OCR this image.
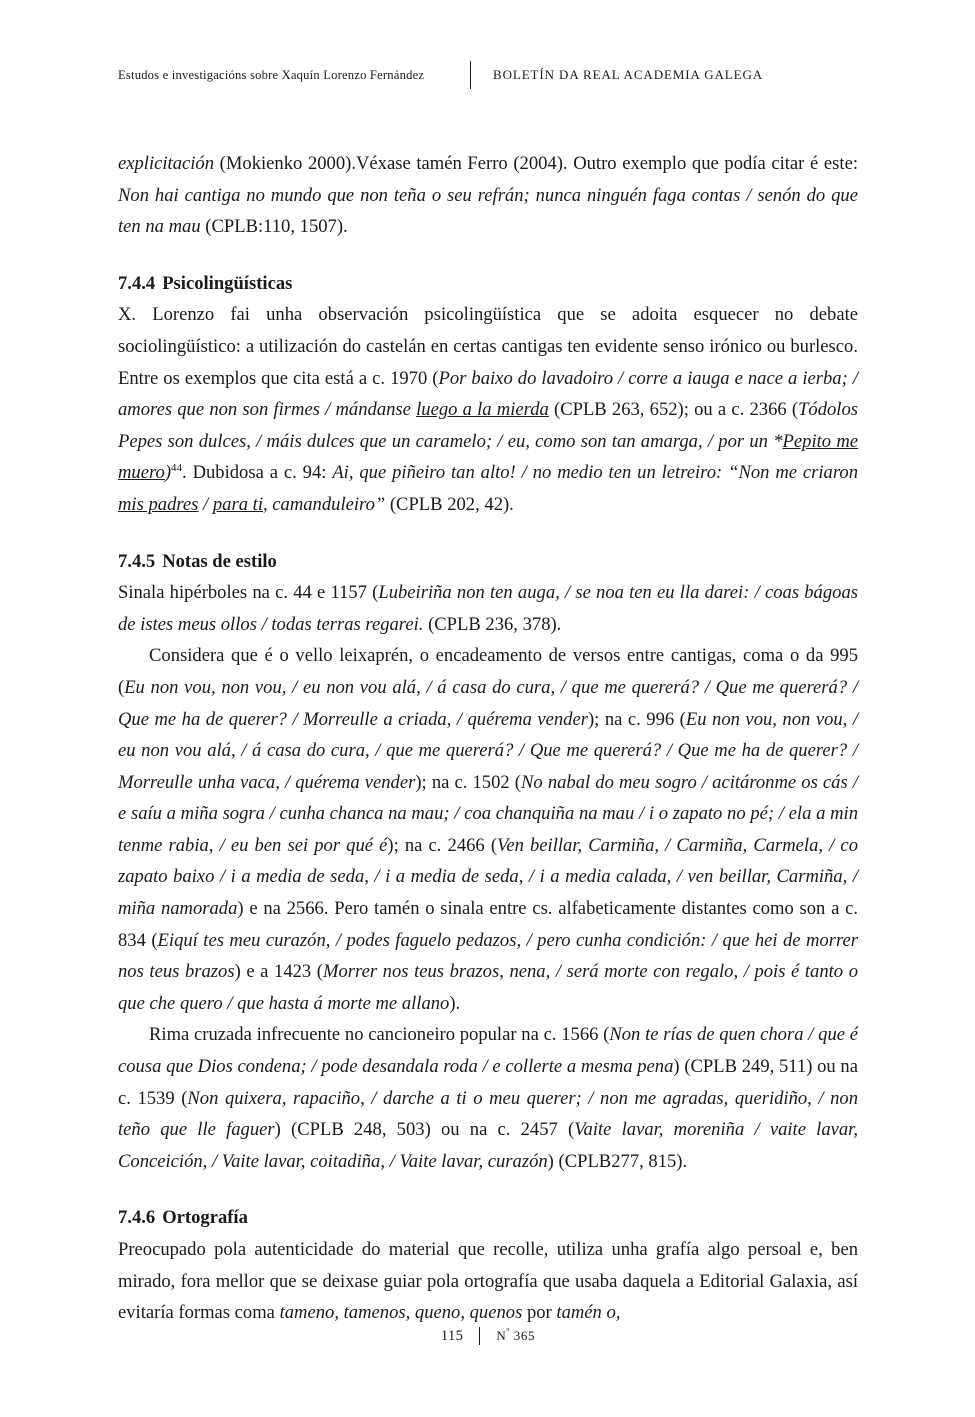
Estudos e investigacións sobre Xaquín Lorenzo Fernández	BOLETÍN DA REAL ACADEMIA GALEGA

explicitación (Mokienko 2000).Véxase tamén Ferro (2004). Outro exemplo que podía citar é este: Non hai cantiga no mundo que non teña o seu refrán; nunca ninguén faga contas / senón do que ten na mau (CPLB:110, 1507).

7.4.4 Psicolingüísticas

X. Lorenzo fai unha observación psicolingüística que se adoita esquecer no debate sociolingüístico: a utilización do castelán en certas cantigas ten evidente senso irónico ou burlesco. Entre os exemplos que cita está a c. 1970 (Por baixo do lavadoiro / corre a iauga e nace a ierba; / amores que non son firmes / mándanse luego a la mierda (CPLB 263, 652); ou a c. 2366 (Tódolos Pepes son dulces, / máis dulces que un caramelo; / eu, como son tan amarga, / por un *Pepito me muero)$^{44}$. Dubidosa a c. 94: Ai, que piñeiro tan alto! / no medio ten un letreiro: “Non me criaron mis padres / para ti, camanduleiro” (CPLB 202, 42).

7.4.5 Notas de estilo

Sinala hipérboles na c. 44 e 1157 (Lubeiriña non ten auga, / se noa ten eu lla darei: / coas bágoas de istes meus ollos / todas terras regarei. (CPLB 236, 378).

Considera que é o vello leixaprén, o encadeamento de versos entre cantigas, coma o da 995 (Eu non vou, non vou, / eu non vou alá, / á casa do cura, / que me quererá? / Que me quererá? / Que me ha de querer? / Morreulle a criada, / quérema vender); na c. 996 (Eu non vou, non vou, / eu non vou alá, / á casa do cura, / que me quererá? / Que me quererá? / Que me ha de querer? / Morreulle unha vaca, / quérema vender); na c. 1502 (No nabal do meu sogro / acitáronme os cás / e saíu a miña sogra / cunha chanca na mau; / coa chanquiña na mau / i o zapato no pé; / ela a min tenme rabia, / eu ben sei por qué é); na c. 2466 (Ven beillar, Carmiña, / Carmiña, Carmela, / co zapato baixo / i a media de seda, / i a media de seda, / i a media calada, / ven beillar, Carmiña, / miña namorada) e na 2566. Pero tamén o sinala entre cs. alfabeticamente distantes como son a c. 834 (Eiquí tes meu curazón, / podes faguelo pedazos, / pero cunha condición: / que hei de morrer nos teus brazos) e a 1423 (Morrer nos teus brazos, nena, / será morte con regalo, / pois é tanto o que che quero / que hasta á morte me allano).

Rima cruzada infrecuente no cancioneiro popular na c. 1566 (Non te rías de quen chora / que é cousa que Dios condena; / pode desandala roda / e collerte a mesma pena) (CPLB 249, 511) ou na c. 1539 (Non quixera, rapaciño, / darche a ti o meu querer; / non me agradas, queridiño, / non teño que lle faguer) (CPLB 248, 503) ou na c. 2457 (Vaite lavar, moreniña / vaite lavar, Conceición, / Vaite lavar, coitadiña, / Vaite lavar, curazón) (CPLB277, 815).

7.4.6 Ortografía

Preocupado pola autenticidade do material que recolle, utiliza unha grafía algo persoal e, ben mirado, fora mellor que se deixase guiar pola ortografía que usaba daquela a Editorial Galaxia, así evitaría formas coma tameno, tamenos, queno, quenos por tamén o,

115	$N^º$ 365
